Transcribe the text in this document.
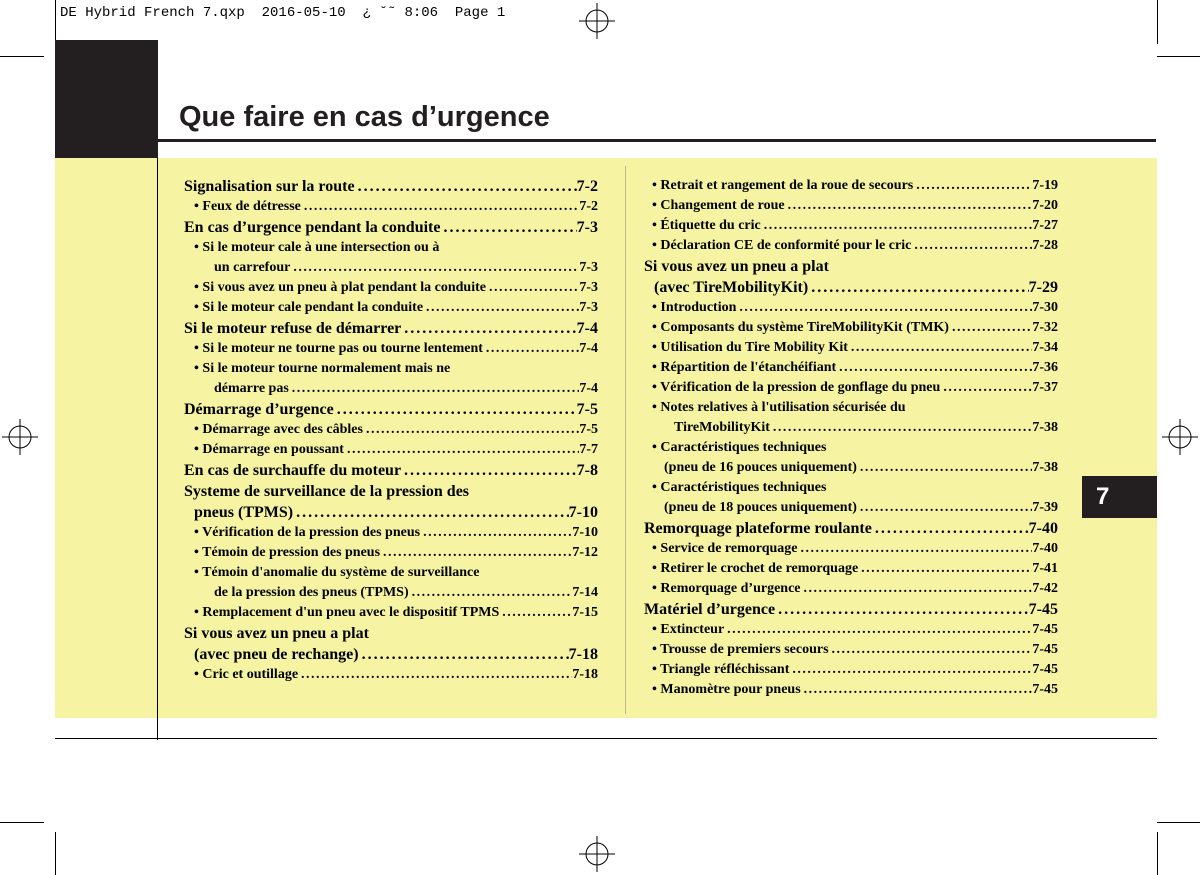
DE Hybrid French 7.qxp  2016-05-10  ¿ ˘˜ 8:06  Page 1
Que faire en cas d’urgence
7
Signalisation sur la route . . .	7-2
• Feux de détresse . . .	7-2
En cas d’urgence pendant la conduite . . .	7-3
• Si le moteur cale à une intersection ou à
un carrefour . . .	7-3
• Si vous avez un pneu à plat pendant la conduite . . .	7-3
• Si le moteur cale pendant la conduite . . .	7-3
Si le moteur refuse de démarrer . . .	7-4
• Si le moteur ne tourne pas ou tourne lentement . . .	7-4
• Si le moteur tourne normalement mais ne
démarre pas . . .	7-4
Démarrage d’urgence . . .	7-5
• Démarrage avec des câbles . . .	7-5
• Démarrage en poussant . . .	7-7
En cas de surchauffe du moteur . . .	7-8
Systeme de surveillance de la pression des
pneus (TPMS) . . .	7-10
• Vérification de la pression des pneus . . .	7-10
• Témoin de pression des pneus . . .	7-12
• Témoin d'anomalie du système de surveillance
de la pression des pneus (TPMS) . . .	7-14
• Remplacement d'un pneu avec le dispositif TPMS . . .	7-15
Si vous avez un pneu a plat
(avec pneu de rechange) . . .	7-18
• Cric et outillage . . .	7-18
• Retrait et rangement de la roue de secours . . .	7-19
• Changement de roue . . .	7-20
• Étiquette du cric . . .	7-27
• Déclaration CE de conformité pour le cric . . .	7-28
Si vous avez un pneu a plat
(avec TireMobilityKit) . . .	7-29
• Introduction . . .	7-30
• Composants du système TireMobilityKit (TMK) . . .	7-32
• Utilisation du Tire Mobility Kit . . .	7-34
• Répartition de l'étanchéifiant . . .	7-36
• Vérification de la pression de gonflage du pneu . . .	7-37
• Notes relatives à l'utilisation sécurisée du
TireMobilityKit . . .	7-38
• Caractéristiques techniques
(pneu de 16 pouces uniquement) . . .	7-38
• Caractéristiques techniques
(pneu de 18 pouces uniquement) . . .	7-39
Remorquage plateforme roulante . . .	7-40
• Service de remorquage . . .	7-40
• Retirer le crochet de remorquage . . .	7-41
• Remorquage d’urgence . . .	7-42
Matériel d’urgence . . .	7-45
• Extincteur . . .	7-45
• Trousse de premiers secours . . .	7-45
• Triangle réfléchissant . . .	7-45
• Manomètre pour pneus . . .	7-45
